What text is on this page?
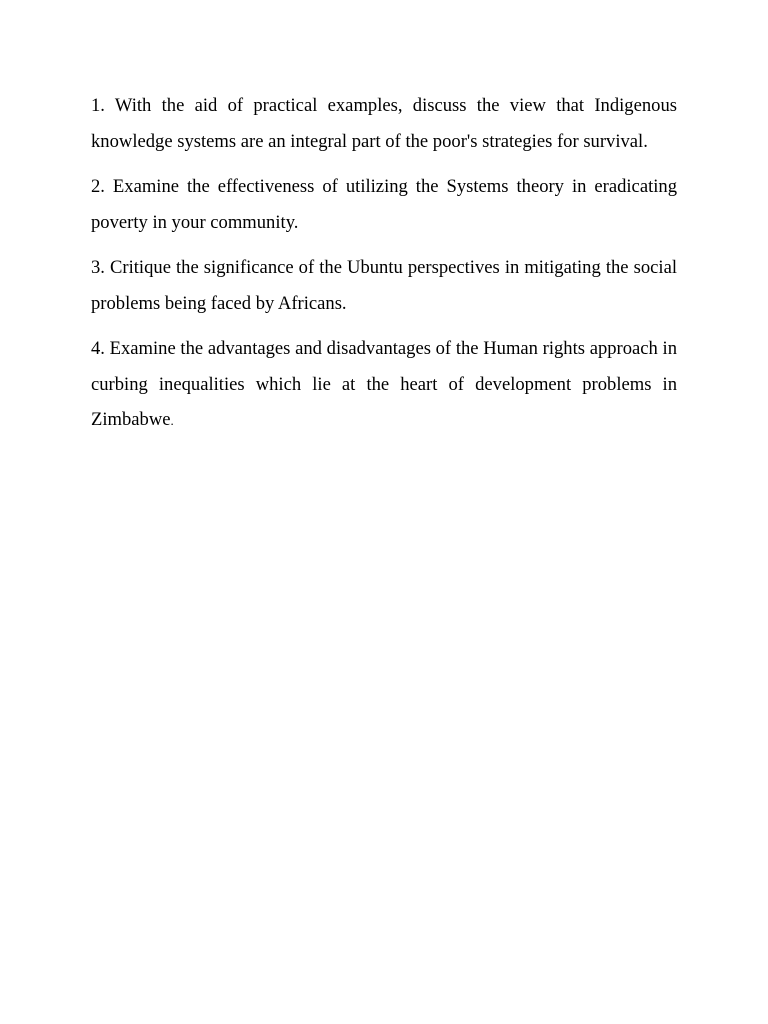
1. With the aid of practical examples, discuss the view that Indigenous knowledge systems are an integral part of the poor's strategies for survival.

2. Examine the effectiveness of utilizing the Systems theory in eradicating poverty in your community.

3. Critique the significance of the Ubuntu perspectives in mitigating the social problems being faced by Africans.

4. Examine the advantages and disadvantages of the Human rights approach in curbing inequalities which lie at the heart of development problems in Zimbabwe.
